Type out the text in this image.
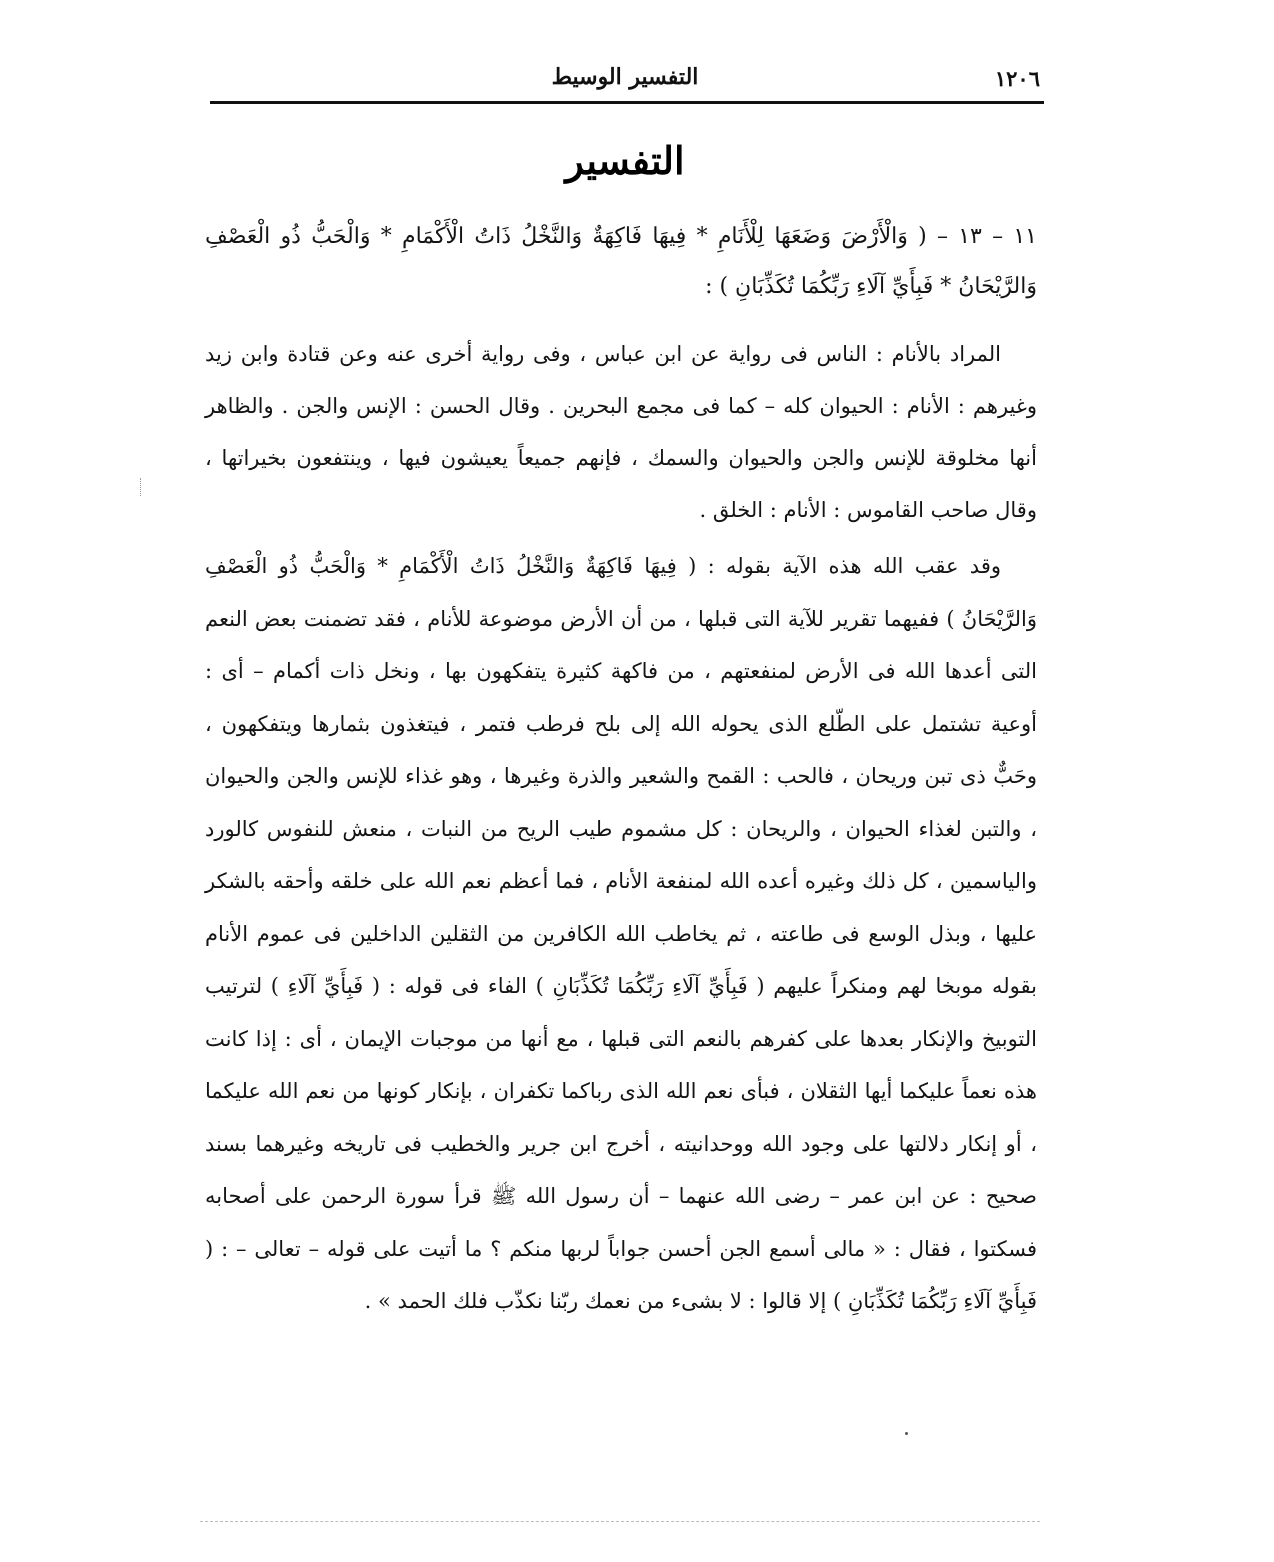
التفسير الوسيط	١٢٠٦
التفسير
١١ – ١٣ – ( وَالْأَرْضَ وَضَعَهَا لِلْأَنَامِ * فِيهَا فَاكِهَةٌ وَالنَّخْلُ ذَاتُ الْأَكْمَامِ * وَالْحَبُّ ذُو الْعَصْفِ وَالرَّيْحَانُ * فَبِأَيِّ آلَاءِ رَبِّكُمَا تُكَذِّبَانِ ) :
المراد بالأنام : الناس فى رواية عن ابن عباس ، وفى رواية أخرى عنه وعن قتادة وابن زيد وغيرهم : الأنام : الحيوان كله – كما فى مجمع البحرين . وقال الحسن : الإنس والجن . والظاهر أنها مخلوقة للإنس والجن والحيوان والسمك ، فإنهم جميعاً يعيشون فيها ، وينتفعون بخيراتها ، وقال صاحب القاموس : الأنام : الخلق .
وقد عقب الله هذه الآية بقوله : ( فِيهَا فَاكِهَةٌ وَالنَّخْلُ ذَاتُ الْأَكْمَامِ * وَالْحَبُّ ذُو الْعَصْفِ وَالرَّيْحَانُ ) ففيهما تقرير للآية التى قبلها ، من أن الأرض موضوعة للأنام ، فقد تضمنت بعض النعم التى أعدها الله فى الأرض لمنفعتهم ، من فاكهة كثيرة يتفكهون بها ، ونخل ذات أكمام – أى : أوعية تشتمل على الطّلع الذى يحوله الله إلى بلح فرطب فتمر ، فيتغذون بثمارها ويتفكهون ، وحَبٌّ ذى تبن وريحان ، فالحب : القمح والشعير والذرة وغيرها ، وهو غذاء للإنس والجن والحيوان ، والتبن لغذاء الحيوان ، والريحان : كل مشموم طيب الريح من النبات ، منعش للنفوس كالورد والياسمين ، كل ذلك وغيره أعده الله لمنفعة الأنام ، فما أعظم نعم الله على خلقه وأحقه بالشكر عليها ، وبذل الوسع فى طاعته ، ثم يخاطب الله الكافرين من الثقلين الداخلين فى عموم الأنام بقوله موبخا لهم ومنكراً عليهم ( فَبِأَيِّ آلَاءِ رَبِّكُمَا تُكَذِّبَانِ ) الفاء فى قوله : ( فَبِأَيِّ آلَاءِ ) لترتيب التوبيخ والإنكار بعدها على كفرهم بالنعم التى قبلها ، مع أنها من موجبات الإيمان ، أى : إذا كانت هذه نعماً عليكما أيها الثقلان ، فبأى نعم الله الذى رباكما تكفران ، بإنكار كونها من نعم الله عليكما ، أو إنكار دلالتها على وجود الله ووحدانيته ، أخرج ابن جرير والخطيب فى تاريخه وغيرهما بسند صحيح : عن ابن عمر – رضى الله عنهما – أن رسول الله ﷺ قرأ سورة الرحمن على أصحابه فسكتوا ، فقال : « مالى أسمع الجن أحسن جواباً لربها منكم ؟ ما أتيت على قوله – تعالى – : ( فَبِأَيِّ آلَاءِ رَبِّكُمَا تُكَذِّبَانِ ) إلا قالوا : لا بشىء من نعمك ربّنا نكذّب فلك الحمد » .
